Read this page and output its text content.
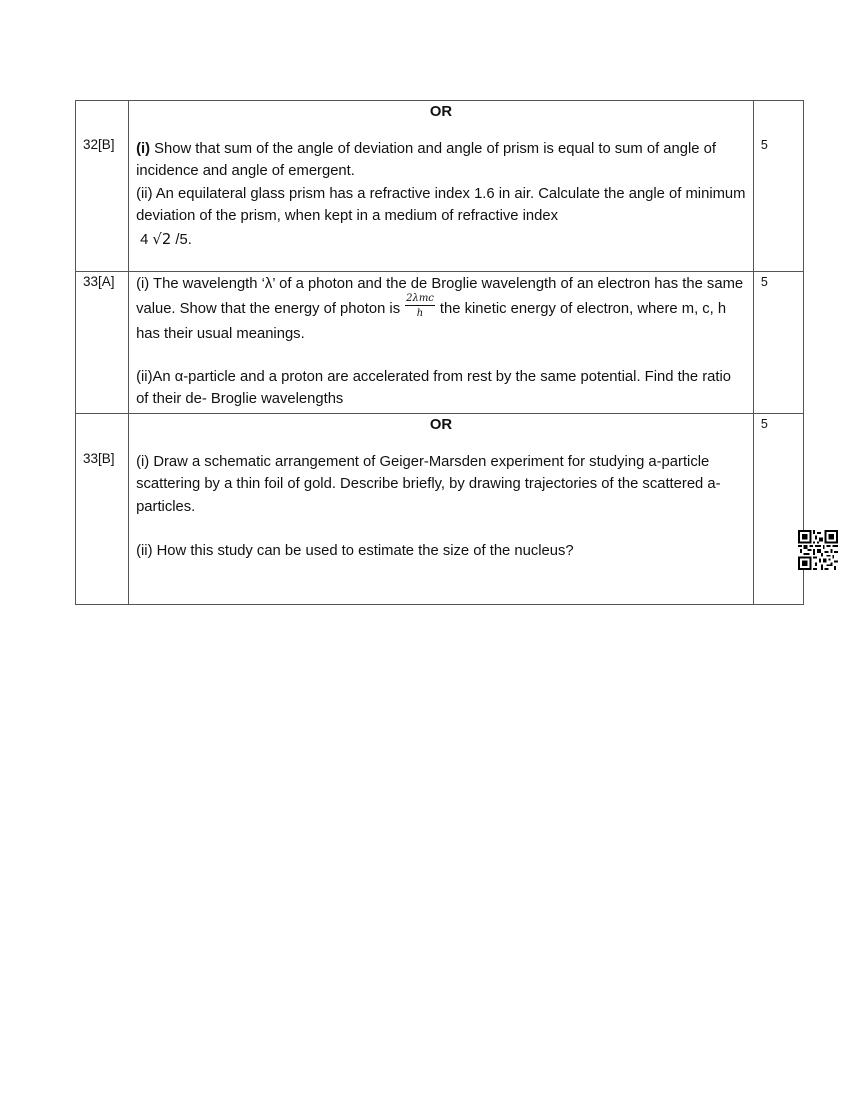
32[B]	OR

(i) Show that sum of the angle of deviation and angle of prism is equal to sum of angle of incidence and angle of emergent.

(ii) An equilateral glass prism has a refractive index 1.6 in air. Calculate the angle of minimum deviation of the prism, when kept in a medium of refractive index

4 √2 /5.	5

33[A]	(i) The wavelength ‘λ’ of a photon and the de Broglie wavelength of an electron has the same value. Show that the energy of photon is $\frac{\text{2λmc}}{h}$ the kinetic energy of electron, where m, c, h has their usual meanings.

(ii)An α-particle and a proton are accelerated from rest by the same potential. Find the ratio of their de- Broglie wavelengths	5

33[B]	OR

(i) Draw a schematic arrangement of Geiger-Marsden experiment for studying a-particle scattering by a thin foil of gold. Describe briefly, by drawing trajectories of the scattered a-particles.

(ii) How this study can be used to estimate the size of the nucleus?	5
